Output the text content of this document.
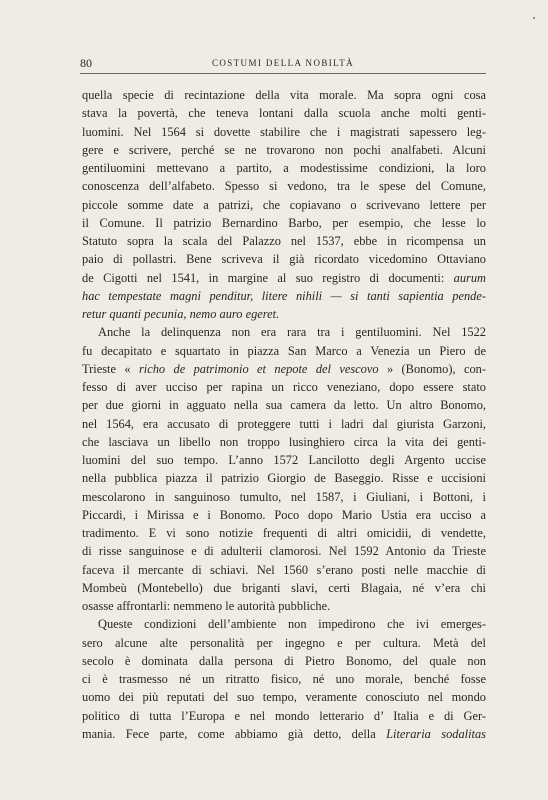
80	COSTUMI DELLA NOBILTÀ
quella specie di recintazione della vita morale. Ma sopra ogni cosa
stava la povertà, che teneva lontani dalla scuola anche molti genti-
luomini. Nel 1564 si dovette stabilire che i magistrati sapessero leg-
gere e scrivere, perché se ne trovarono non pochi analfabeti. Alcuni
gentiluomini mettevano a partito, a modestissime condizioni, la loro
conoscenza dell’alfabeto. Spesso si vedono, tra le spese del Comune,
piccole somme date a patrizi, che copiavano o scrivevano lettere per
il Comune. Il patrizio Bernardino Barbo, per esempio, che lesse lo
Statuto sopra la scala del Palazzo nel 1537, ebbe in ricompensa un
paio di pollastri. Bene scriveva il già ricordato vicedomino Ottaviano
de Cigotti nel 1541, in margine al suo registro di documenti: aurum
hac tempestate magni penditur, litere nihili — si tanti sapientia pende-
retur quanti pecunia, nemo auro egeret.
Anche la delinquenza non era rara tra i gentiluomini. Nel 1522
fu decapitato e squartato in piazza San Marco a Venezia un Piero de
Trieste « richo de patrimonio et nepote del vescovo » (Bonomo), con-
fesso di aver ucciso per rapina un ricco veneziano, dopo essere stato
per due giorni in agguato nella sua camera da letto. Un altro Bonomo,
nel 1564, era accusato di proteggere tutti i ladri dal giurista Garzoni,
che lasciava un libello non troppo lusinghiero circa la vita dei genti-
luomini del suo tempo. L’anno 1572 Lancilotto degli Argento uccise
nella pubblica piazza il patrizio Giorgio de Baseggio. Risse e uccisioni
mescolarono in sanguinoso tumulto, nel 1587, i Giuliani, i Bottoni, i
Piccardi, i Mirissa e i Bonomo. Poco dopo Mario Ustia era ucciso a
tradimento. E vi sono notizie frequenti di altri omicidii, di vendette,
di risse sanguinose e di adulterii clamorosi. Nel 1592 Antonio da Trieste
faceva il mercante di schiavi. Nel 1560 s’erano posti nelle macchie di
Mombeù (Montebello) due briganti slavi, certi Blagaia, né v’era chi
osasse affrontarli: nemmeno le autorità pubbliche.
Queste condizioni dell’ambiente non impedirono che ivi emerges-
sero alcune alte personalità per ingegno e per cultura. Metà del
secolo è dominata dalla persona di Pietro Bonomo, del quale non
ci è trasmesso né un ritratto fisico, né uno morale, benché fosse
uomo dei più reputati del suo tempo, veramente conosciuto nel mondo
politico di tutta l’Europa e nel mondo letterario d’ Italia e di Ger-
mania. Fece parte, come abbiamo già detto, della Literaria sodalitas
